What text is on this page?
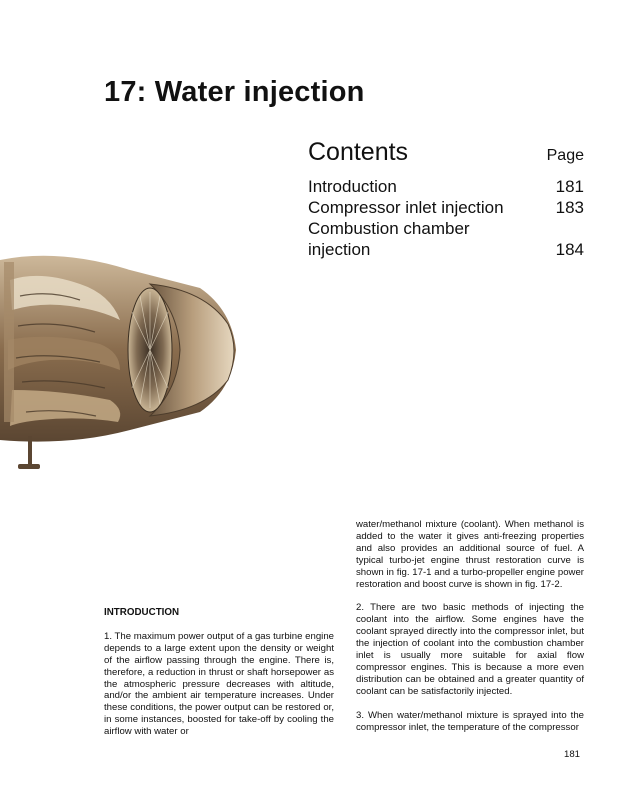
17: Water injection
Contents	Page
Introduction	181
Compressor inlet injection	183
Combustion chamber
injection	184
INTRODUCTION

1. The maximum power output of a gas turbine engine depends to a large extent upon the density or weight of the airflow passing through the engine. There is, therefore, a reduction in thrust or shaft horsepower as the atmospheric pressure decreases with altitude, and/or the ambient air temperature increases. Under these conditions, the power output can be restored or, in some instances, boosted for take-off by cooling the airflow with water or

water/methanol mixture (coolant). When methanol is added to the water it gives anti-freezing properties and also provides an additional source of fuel. A typical turbo-jet engine thrust restoration curve is shown in fig. 17-1 and a turbo-propeller engine power restoration and boost curve is shown in fig. 17-2.

2. There are two basic methods of injecting the coolant into the airflow. Some engines have the coolant sprayed directly into the compressor inlet, but the injection of coolant into the combustion chamber inlet is usually more suitable for axial flow compressor engines. This is because a more even distribution can be obtained and a greater quantity of coolant can be satisfactorily injected.

3. When water/methanol mixture is sprayed into the compressor inlet, the temperature of the compressor

181
